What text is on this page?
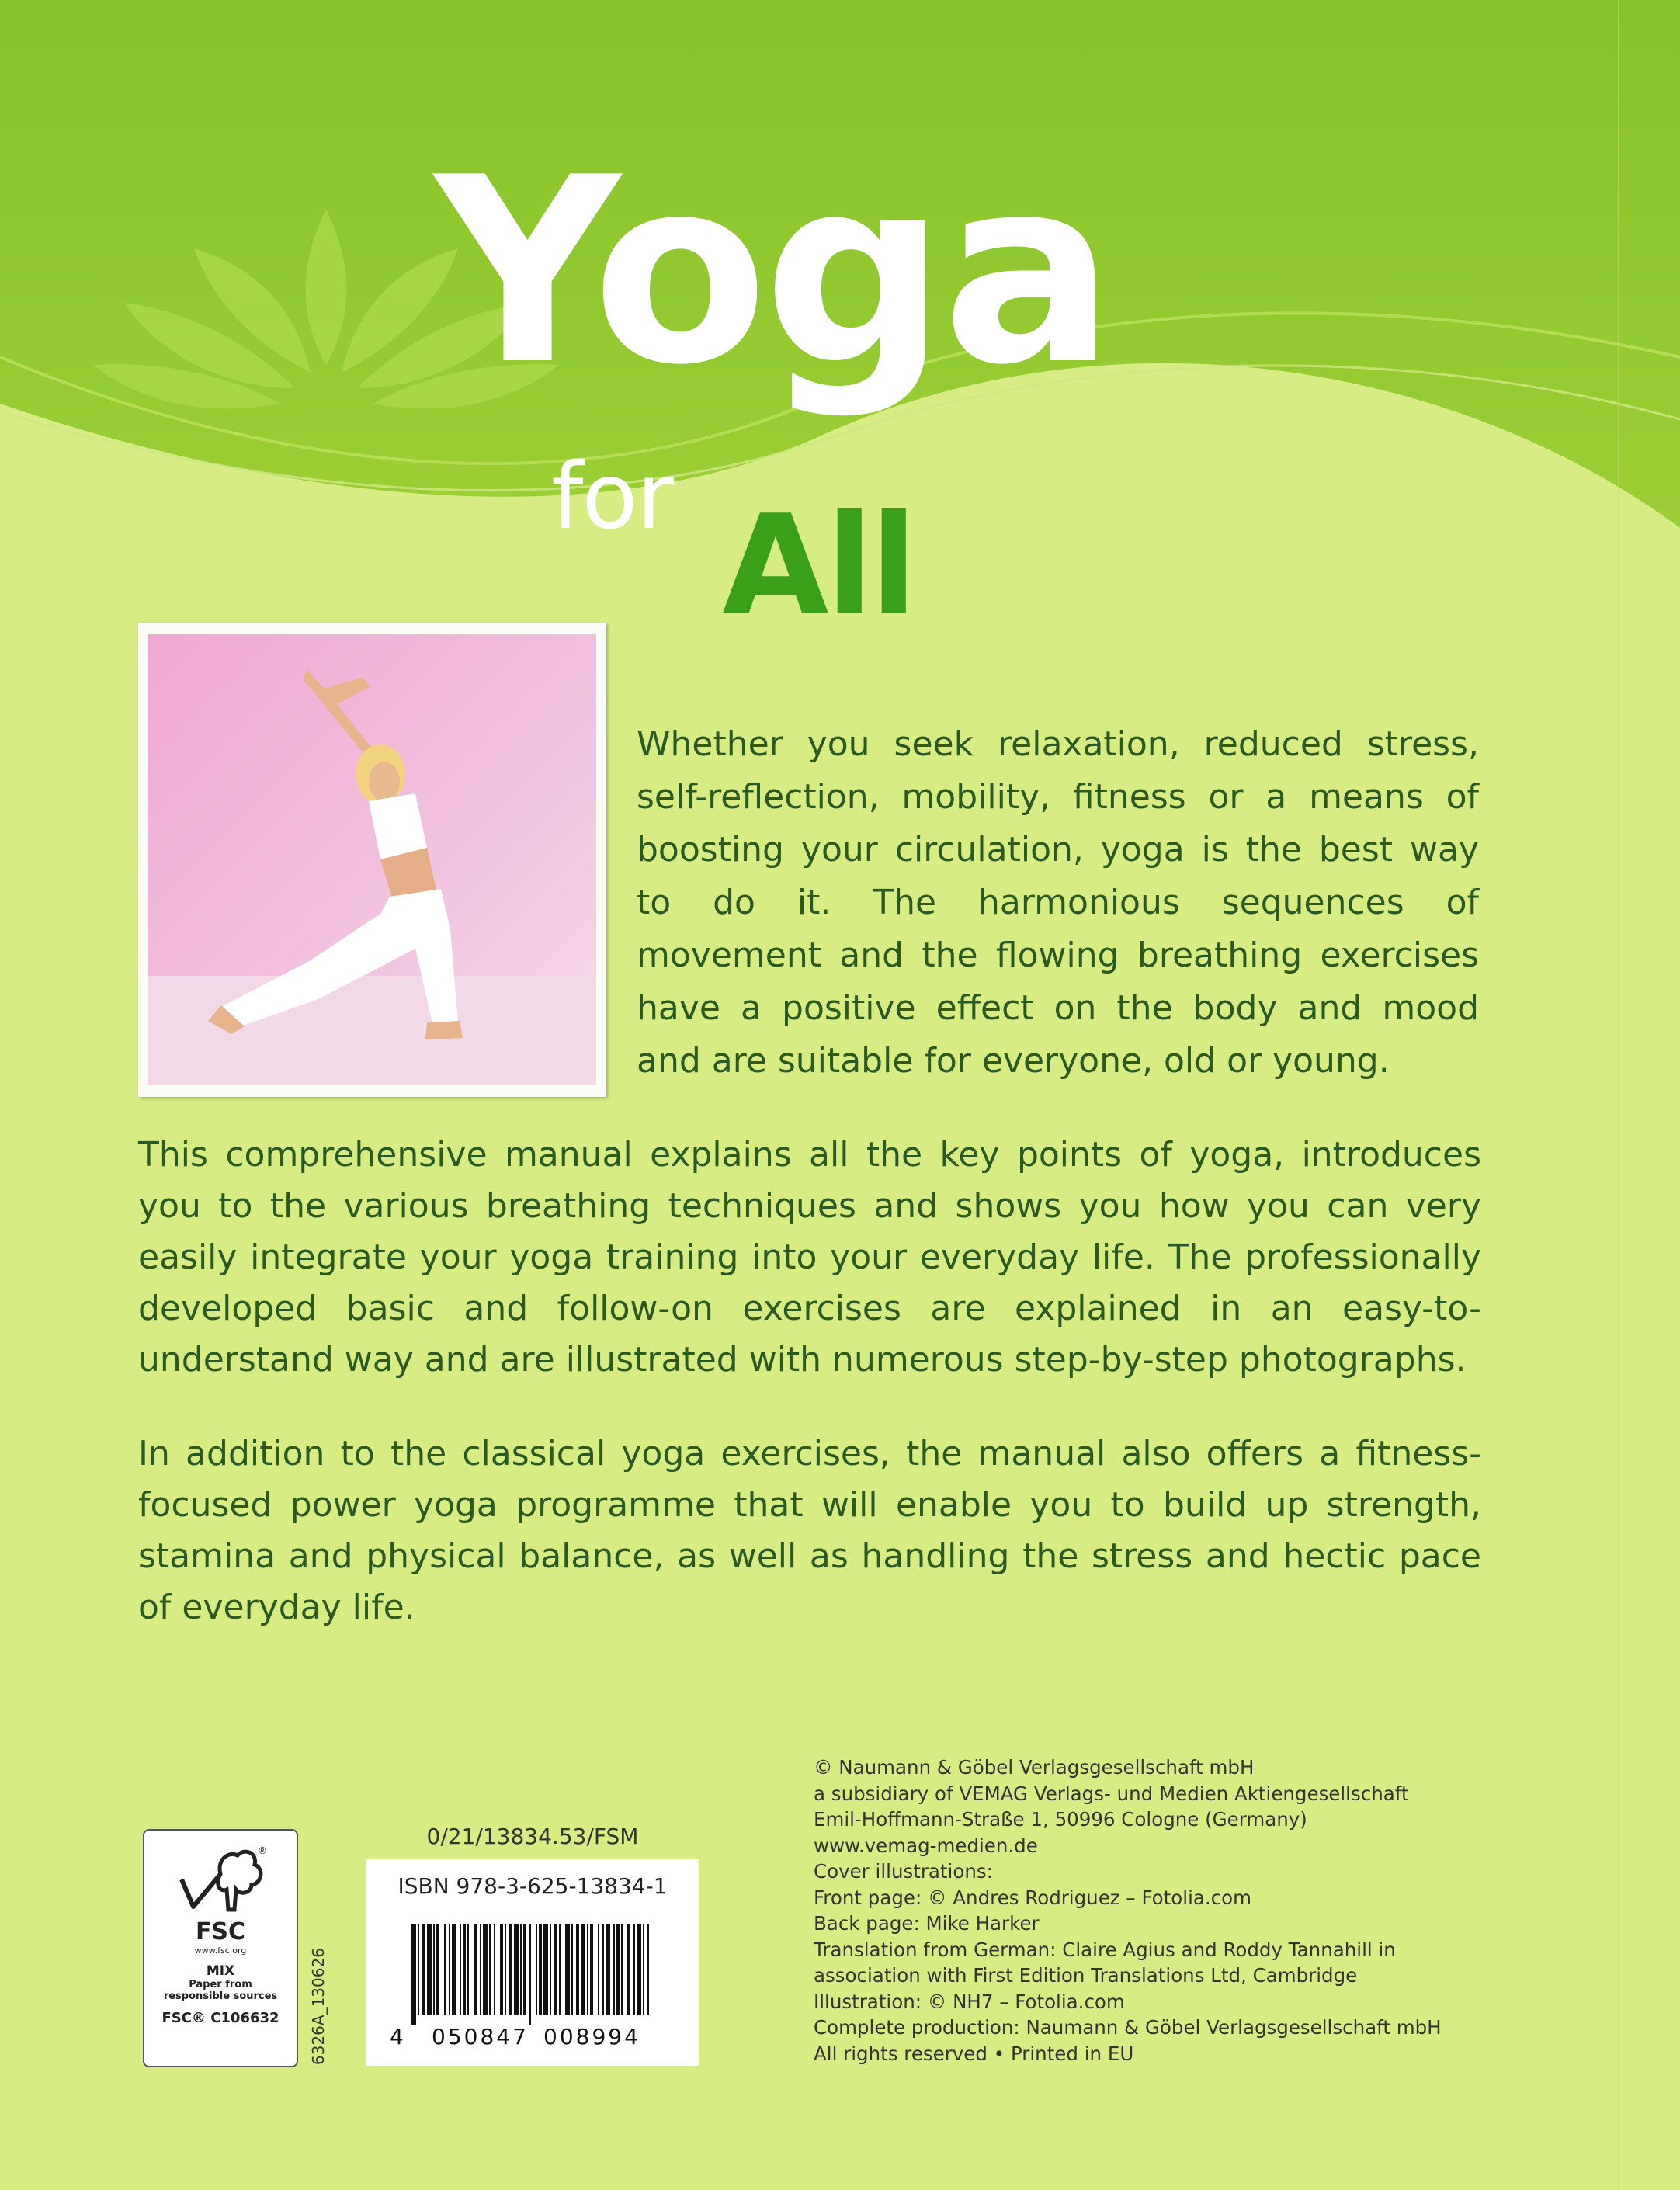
Yoga
for All
Whether you seek relaxation, reduced stress, self-reflection, mobility, fitness or a means of boosting your circulation, yoga is the best way to do it. The harmonious sequences of movement and the flowing breathing exercises have a positive effect on the body and mood and are suitable for everyone, old or young.
This comprehensive manual explains all the key points of yoga, introduces you to the various breathing techniques and shows you how you can very easily integrate your yoga training into your everyday life. The professionally developed basic and follow-on exercises are explained in an easy-to-understand way and are illustrated with numerous step-by-step photographs.
In addition to the classical yoga exercises, the manual also offers a fitness-focused power yoga programme that will enable you to build up strength, stamina and physical balance, as well as handling the stress and hectic pace of everyday life.
© Naumann & Göbel Verlagsgesellschaft mbH
a subsidiary of VEMAG Verlags- und Medien Aktiengesellschaft
Emil-Hoffmann-Straße 1, 50996 Cologne (Germany)
www.vemag-medien.de
Cover illustrations:
Front page: © Andres Rodriguez – Fotolia.com
Back page: Mike Harker
Translation from German: Claire Agius and Roddy Tannahill in
association with First Edition Translations Ltd, Cambridge
Illustration: © NH7 – Fotolia.com
Complete production: Naumann & Göbel Verlagsgesellschaft mbH
All rights reserved • Printed in EU
®
FSC
www.fsc.org
MIX
Paper from
responsible sources
FSC® C106632	6326A_130626
0/21/13834.53/FSM
ISBN 978-3-625-13834-1
4 050847 008994
